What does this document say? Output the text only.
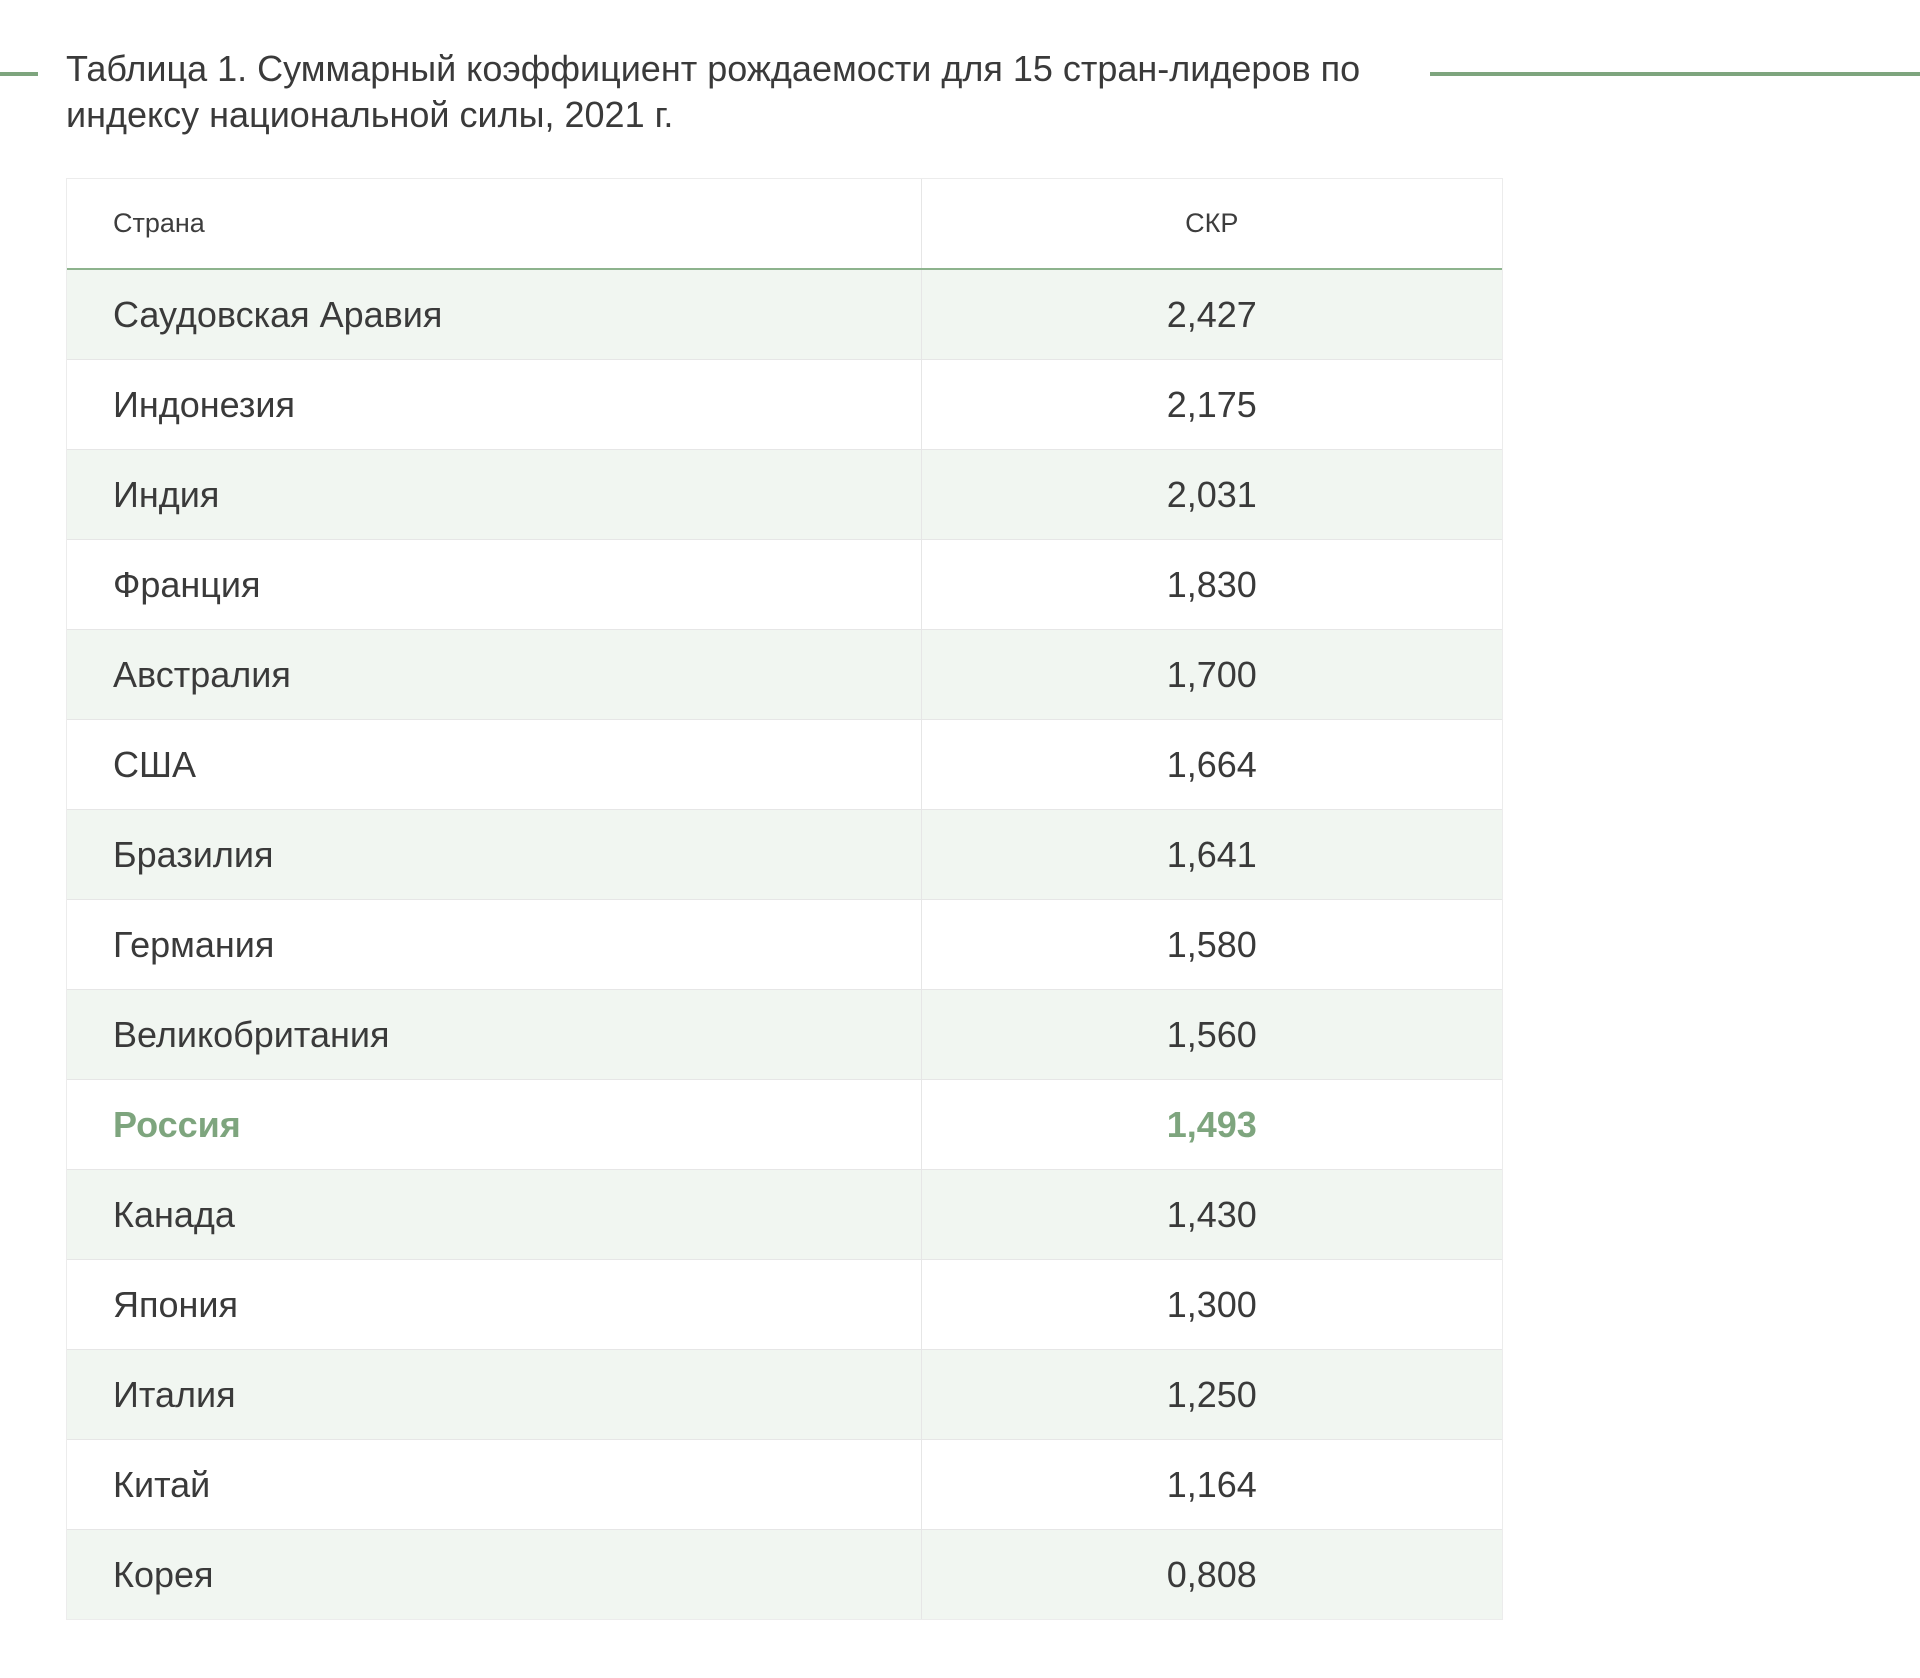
Таблица 1. Суммарный коэффициент рождаемости для 15 стран-лидеров по индексу национальной силы, 2021 г.
Страна	СКР
Саудовская Аравия	2,427
Индонезия	2,175
Индия	2,031
Франция	1,830
Австралия	1,700
США	1,664
Бразилия	1,641
Германия	1,580
Великобритания	1,560
Россия	1,493
Канада	1,430
Япония	1,300
Италия	1,250
Китай	1,164
Корея	0,808
